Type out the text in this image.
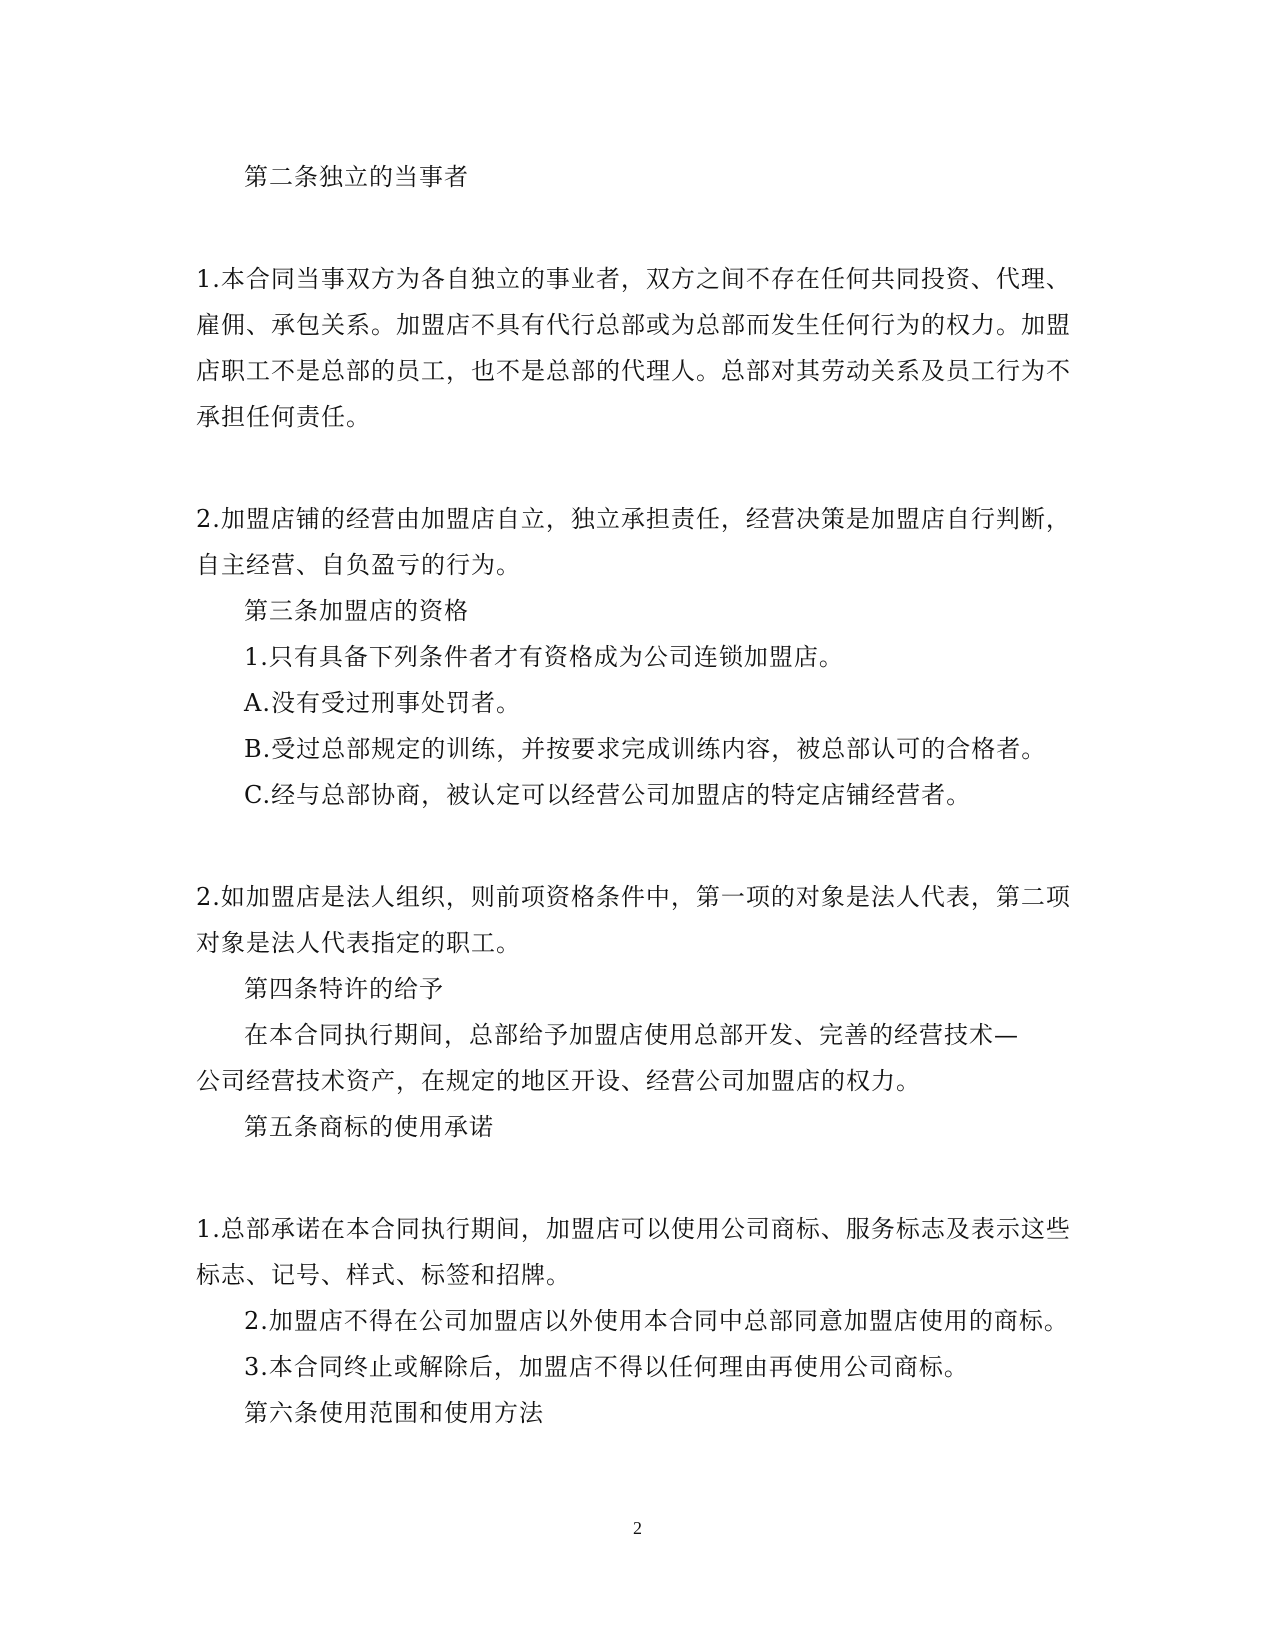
第二条独立的当事者
1.本合同当事双方为各自独立的事业者，双方之间不存在任何共同投资、代理、
雇佣、承包关系。加盟店不具有代行总部或为总部而发生任何行为的权力。加盟
店职工不是总部的员工，也不是总部的代理人。总部对其劳动关系及员工行为不
承担任何责任。
2.加盟店铺的经营由加盟店自立，独立承担责任，经营决策是加盟店自行判断，
自主经营、自负盈亏的行为。
第三条加盟店的资格
1.只有具备下列条件者才有资格成为公司连锁加盟店。
A.没有受过刑事处罚者。
B.受过总部规定的训练，并按要求完成训练内容，被总部认可的合格者。
C.经与总部协商，被认定可以经营公司加盟店的特定店铺经营者。
2.如加盟店是法人组织，则前项资格条件中，第一项的对象是法人代表，第二项
对象是法人代表指定的职工。
第四条特许的给予
在本合同执行期间，总部给予加盟店使用总部开发、完善的经营技术—
公司经营技术资产，在规定的地区开设、经营公司加盟店的权力。
第五条商标的使用承诺
1.总部承诺在本合同执行期间，加盟店可以使用公司商标、服务标志及表示这些
标志、记号、样式、标签和招牌。
2.加盟店不得在公司加盟店以外使用本合同中总部同意加盟店使用的商标。
3.本合同终止或解除后，加盟店不得以任何理由再使用公司商标。
第六条使用范围和使用方法
2
